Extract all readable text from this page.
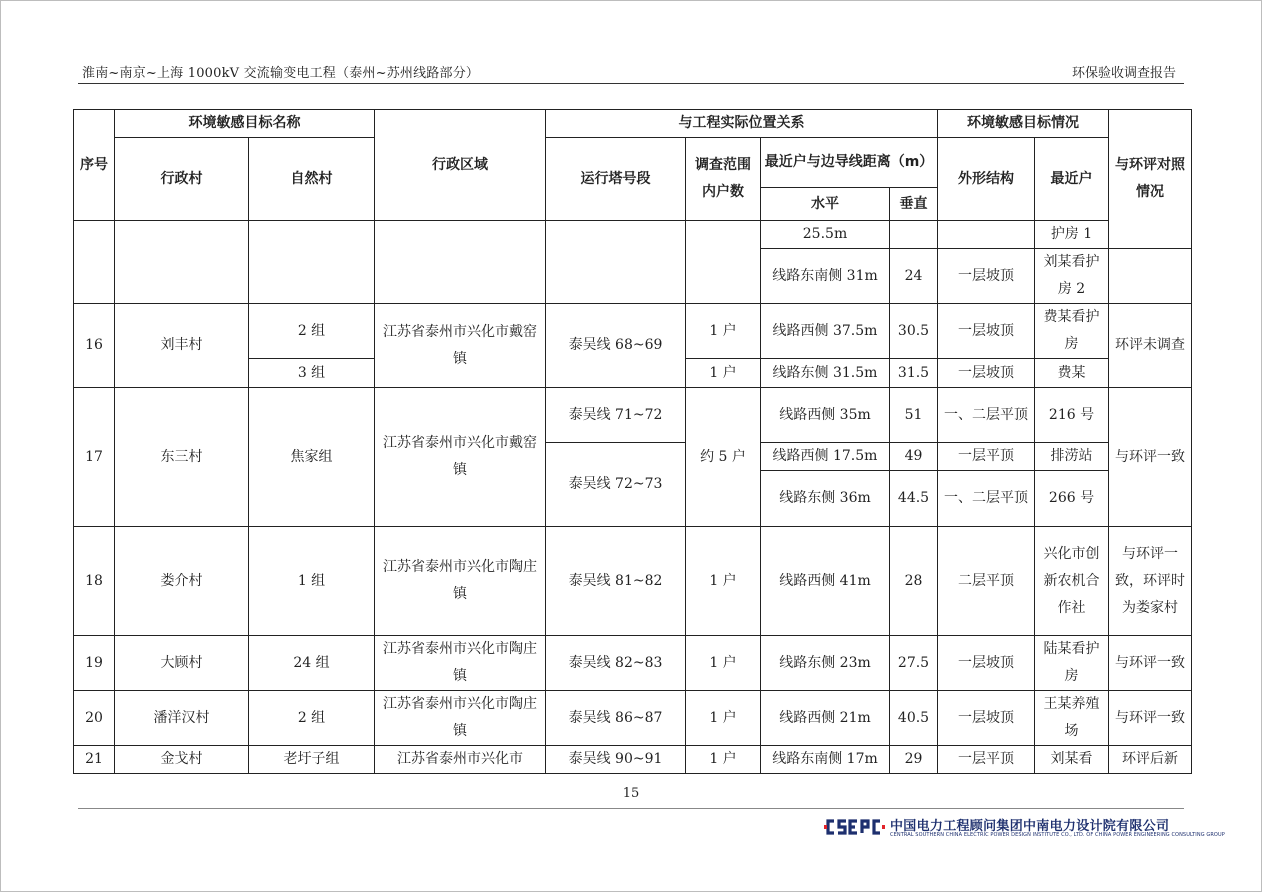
淮南~南京~上海 1000kV 交流输变电工程（泰州~苏州线路部分）	环保验收调查报告
序号	环境敏感目标名称		行政区域	与工程实际位置关系				环境敏感目标情况		与环评对照情况
	行政村	自然村		运行塔号段	调查范围内户数	最近户与边导线距离（m）		外形结构	最近户	
						水平	垂直			
						25.5m			护房 1	
						线路东南侧 31m	24	一层坡顶	刘某看护房 2	
16	刘丰村	2 组	江苏省泰州市兴化市戴窑镇	泰吴线 68~69	1 户	线路西侧 37.5m	30.5	一层坡顶	费某看护房	环评未调查
		3 组			1 户	线路东侧 31.5m	31.5	一层坡顶	费某	
17	东三村	焦家组	江苏省泰州市兴化市戴窑镇	泰吴线 71~72	约 5 户	线路西侧 35m	51	一、二层平顶	216 号	与环评一致
				泰吴线 72~73		线路西侧 17.5m	49	一层平顶	排涝站	
						线路东侧 36m	44.5	一、二层平顶	266 号	
18	娄介村	1 组	江苏省泰州市兴化市陶庄镇	泰吴线 81~82	1 户	线路西侧 41m	28	二层平顶	兴化市创新农机合作社	与环评一致，环评时为娄家村
19	大顾村	24 组	江苏省泰州市兴化市陶庄镇	泰吴线 82~83	1 户	线路东侧 23m	27.5	一层坡顶	陆某看护房	与环评一致
20	潘洋汉村	2 组	江苏省泰州市兴化市陶庄镇	泰吴线 86~87	1 户	线路西侧 21m	40.5	一层坡顶	王某养殖场	与环评一致
21	金戈村	老圩子组	江苏省泰州市兴化市	泰吴线 90~91	1 户	线路东南侧 17m	29	一层平顶	刘某看	环评后新
15
中国电力工程顾问集团中南电力设计院有限公司
CENTRAL SOUTHERN CHINA ELECTRIC POWER DESIGN INSTITUTE CO., LTD. OF CHINA POWER ENGINEERING CONSULTING GROUP
